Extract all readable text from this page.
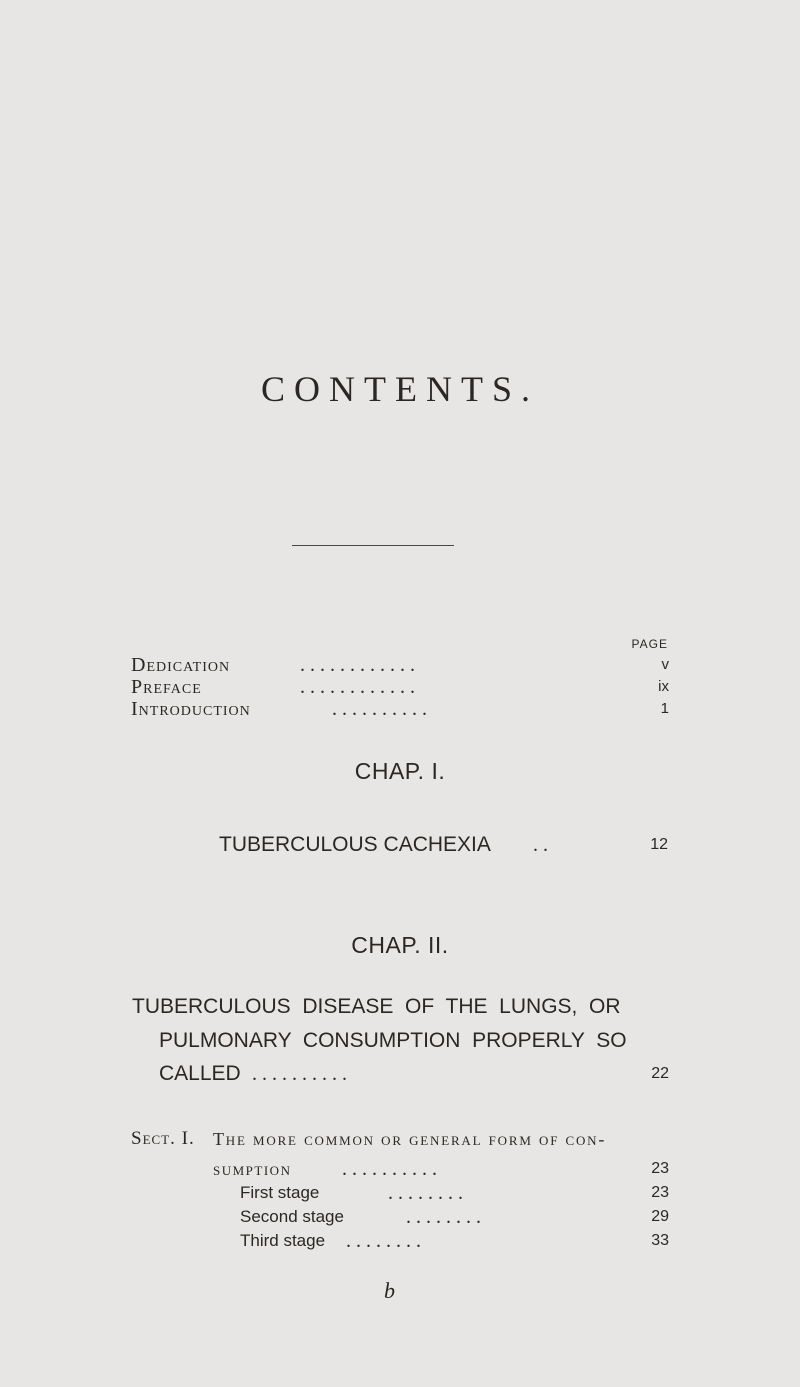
CONTENTS.
PAGE
Dedication	. . . . . . . . . . . .	v
Preface	. . . . . . . . . . . .	ix
Introduction	. . . . . . . . . .	1
CHAP. I.
TUBERCULOUS CACHEXIA . .	12
CHAP. II.
TUBERCULOUS  DISEASE  OF  THE  LUNGS,  OR
PULMONARY  CONSUMPTION  PROPERLY  SO
CALLED . . . . . . . . . .	22
Sect. I. The more common or general form of con-
sumption	. . . . . . . . . .	23
First stage	. . . . . . . .	23
Second stage	. . . . . . . .	29
Third stage . . . . . . . .	33
b
